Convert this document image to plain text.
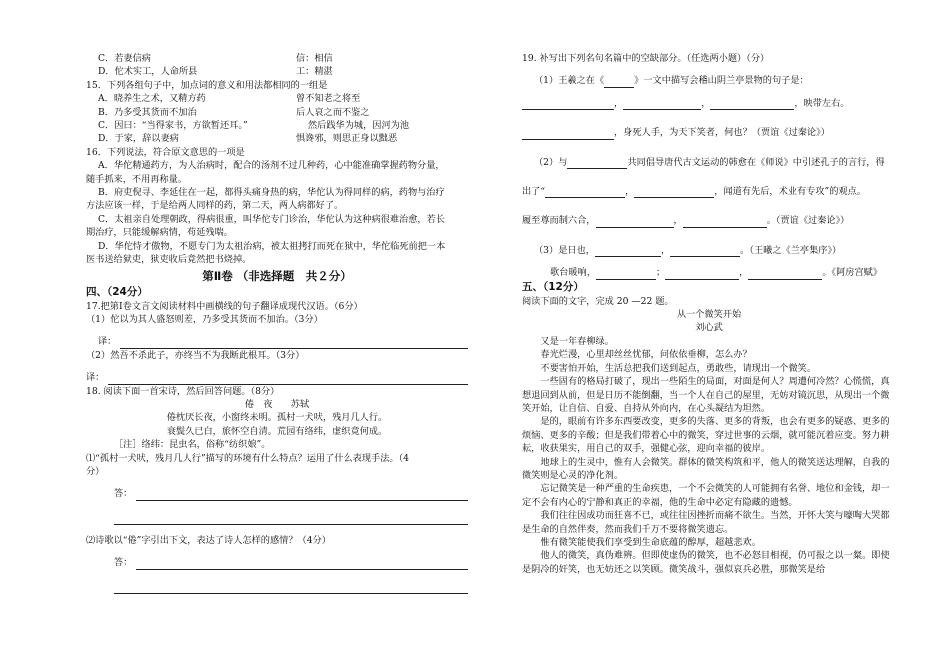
C．若妻信病	信：相信
D．佗术实工，人命所县	工：精湛
15．下列各组句子中，加点词的意义和用法都相同的一组是
A．晓养生之术，又精方药	曾不知老之将至
B．乃多受其货而不加治	后人哀之而不鉴之
C．因曰：“当得家书，方欲暂还耳。”	然后践华为城，因河为池
D．于家，辞以妻病	惧谗邪，则思正身以黜恶
16．下列说法，符合原文意思的一项是
A．华佗精通药方，为人治病时，配合的汤剂不过几种药，心中能准确掌握药物分量，
随手抓来，不用再称量。
B．府吏倪寻、李延住在一起，都得头痛身热的病，华佗认为得同样的病，药物与治疗
方法应该一样，于是给两人同样的药，第二天，两人病都好了。
C．太祖亲自处理朝政，得病很重，叫华佗专门诊治，华佗认为这种病很难治愈，若长
期治疗，只能缓解病情，苟延残喘。
D．华佗恃才傲物，不愿专门为太祖治病，被太祖拷打而死在狱中，华佗临死前把一本
医书送给狱吏，狱吏收后竟然把书烧掉。
第Ⅱ卷 （非选择题　共２分）
四、（24分）
17.把第Ⅰ卷文言文阅读材料中画横线的句子翻译成现代汉语。（6分）
（1）佗以为其人盛怒则差，乃多受其货而不加治。（3分）
译：
（2）然吾不杀此子，亦终当不为我断此根耳。（3分）
译：
18. 阅读下面一首宋诗，然后回答问题。（8分）
倦　夜　　苏轼
倦枕厌长夜，小窗终未明。孤村一犬吠，残月几人行。
衰鬓久已白，旅怀空自清。荒园有络纬，虚织竟何成。
［注］络纬：昆虫名，俗称“纺织娘”。
⑴“孤村一犬吠，残月几人行”描写的环境有什么特点？运用了什么表现手法。（4
分）
答：
⑵诗歌以“倦”字引出下文，表达了诗人怎样的感情？（4分）
答：
19. 补写出下列名句名篇中的空缺部分。（任选两小题）（分）
（1）王羲之在《	》一文中描写会稽山阴兰亭景物的句子是：
，	，	，映带左右。
，身死人手，为天下笑者，何也？（贾谊《过秦论》）
（2）与	共同倡导唐代古文运动的韩愈在《师说》中引述孔子的言行，得
出了“	，	，闻道有先后，术业有专攻”的观点。
履至尊而制六合，	，	。（贾谊《过秦论》）
（3）是日也，	，	。（王曦之《兰亭集序》）
歌台暖响，	；	，	。《阿房宫赋》
五、（12分）
阅读下面的文字，完成 20 —22 题。
从一个微笑开始
刘心武
又是一年春柳绿。
春光烂漫，心里却丝丝忧郁，问依依垂柳，怎么办？
不要害怕开始，生活总把我们送到起点，勇敢些，请现出一个微笑。
一些固有的格局打破了，现出一些陌生的局面，对面是何人？周遭何冷然？心慌慌，真想退回到从前，但是日历不能倒翻，当一个人在自己的屋里，无妨对镜沉思，从现出一个微笑开始，让自信、自爱、自持从外向内，在心头凝结为坦然。
是的，眼前有许多东西要改变，更多的失落、更多的背叛，也会有更多的疑惑、更多的烦恼、更多的辛酸；但是我们带着心中的微笑，穿过世事的云烟，就可能沉着应变。努力耕耘，收获果实，用自己的双手，强健心弦，迎向幸福的彼岸。
地球上的生灵中，惟有人会微笑。群体的微笑构筑和平，他人的微笑送达理解，自我的微笑则是心灵的净化剂。
忘记微笑是一种严重的生命疾患，一个不会微笑的人可能拥有名誉、地位和金钱，却一定不会有内心的宁静和真正的幸福，他的生命中必定有隐藏的遗憾。
我们往往因成功而狂喜不已，或往往因挫折而痛不欲生。当然，开怀大笑与嚎啕大哭都是生命的自然伴奏，然而我们千万不要将微笑遗忘。
惟有微笑能使我们享受到生命底蕴的醇厚，超越悲欢。
他人的微笑，真伪难辨。但即使虚伪的微笑，也不必怒目相视，仍可报之以一粲。即使是阴冷的奸笑，也无妨还之以笑顾。微笑战斗，强似哀兵必胜，那微笑是给
